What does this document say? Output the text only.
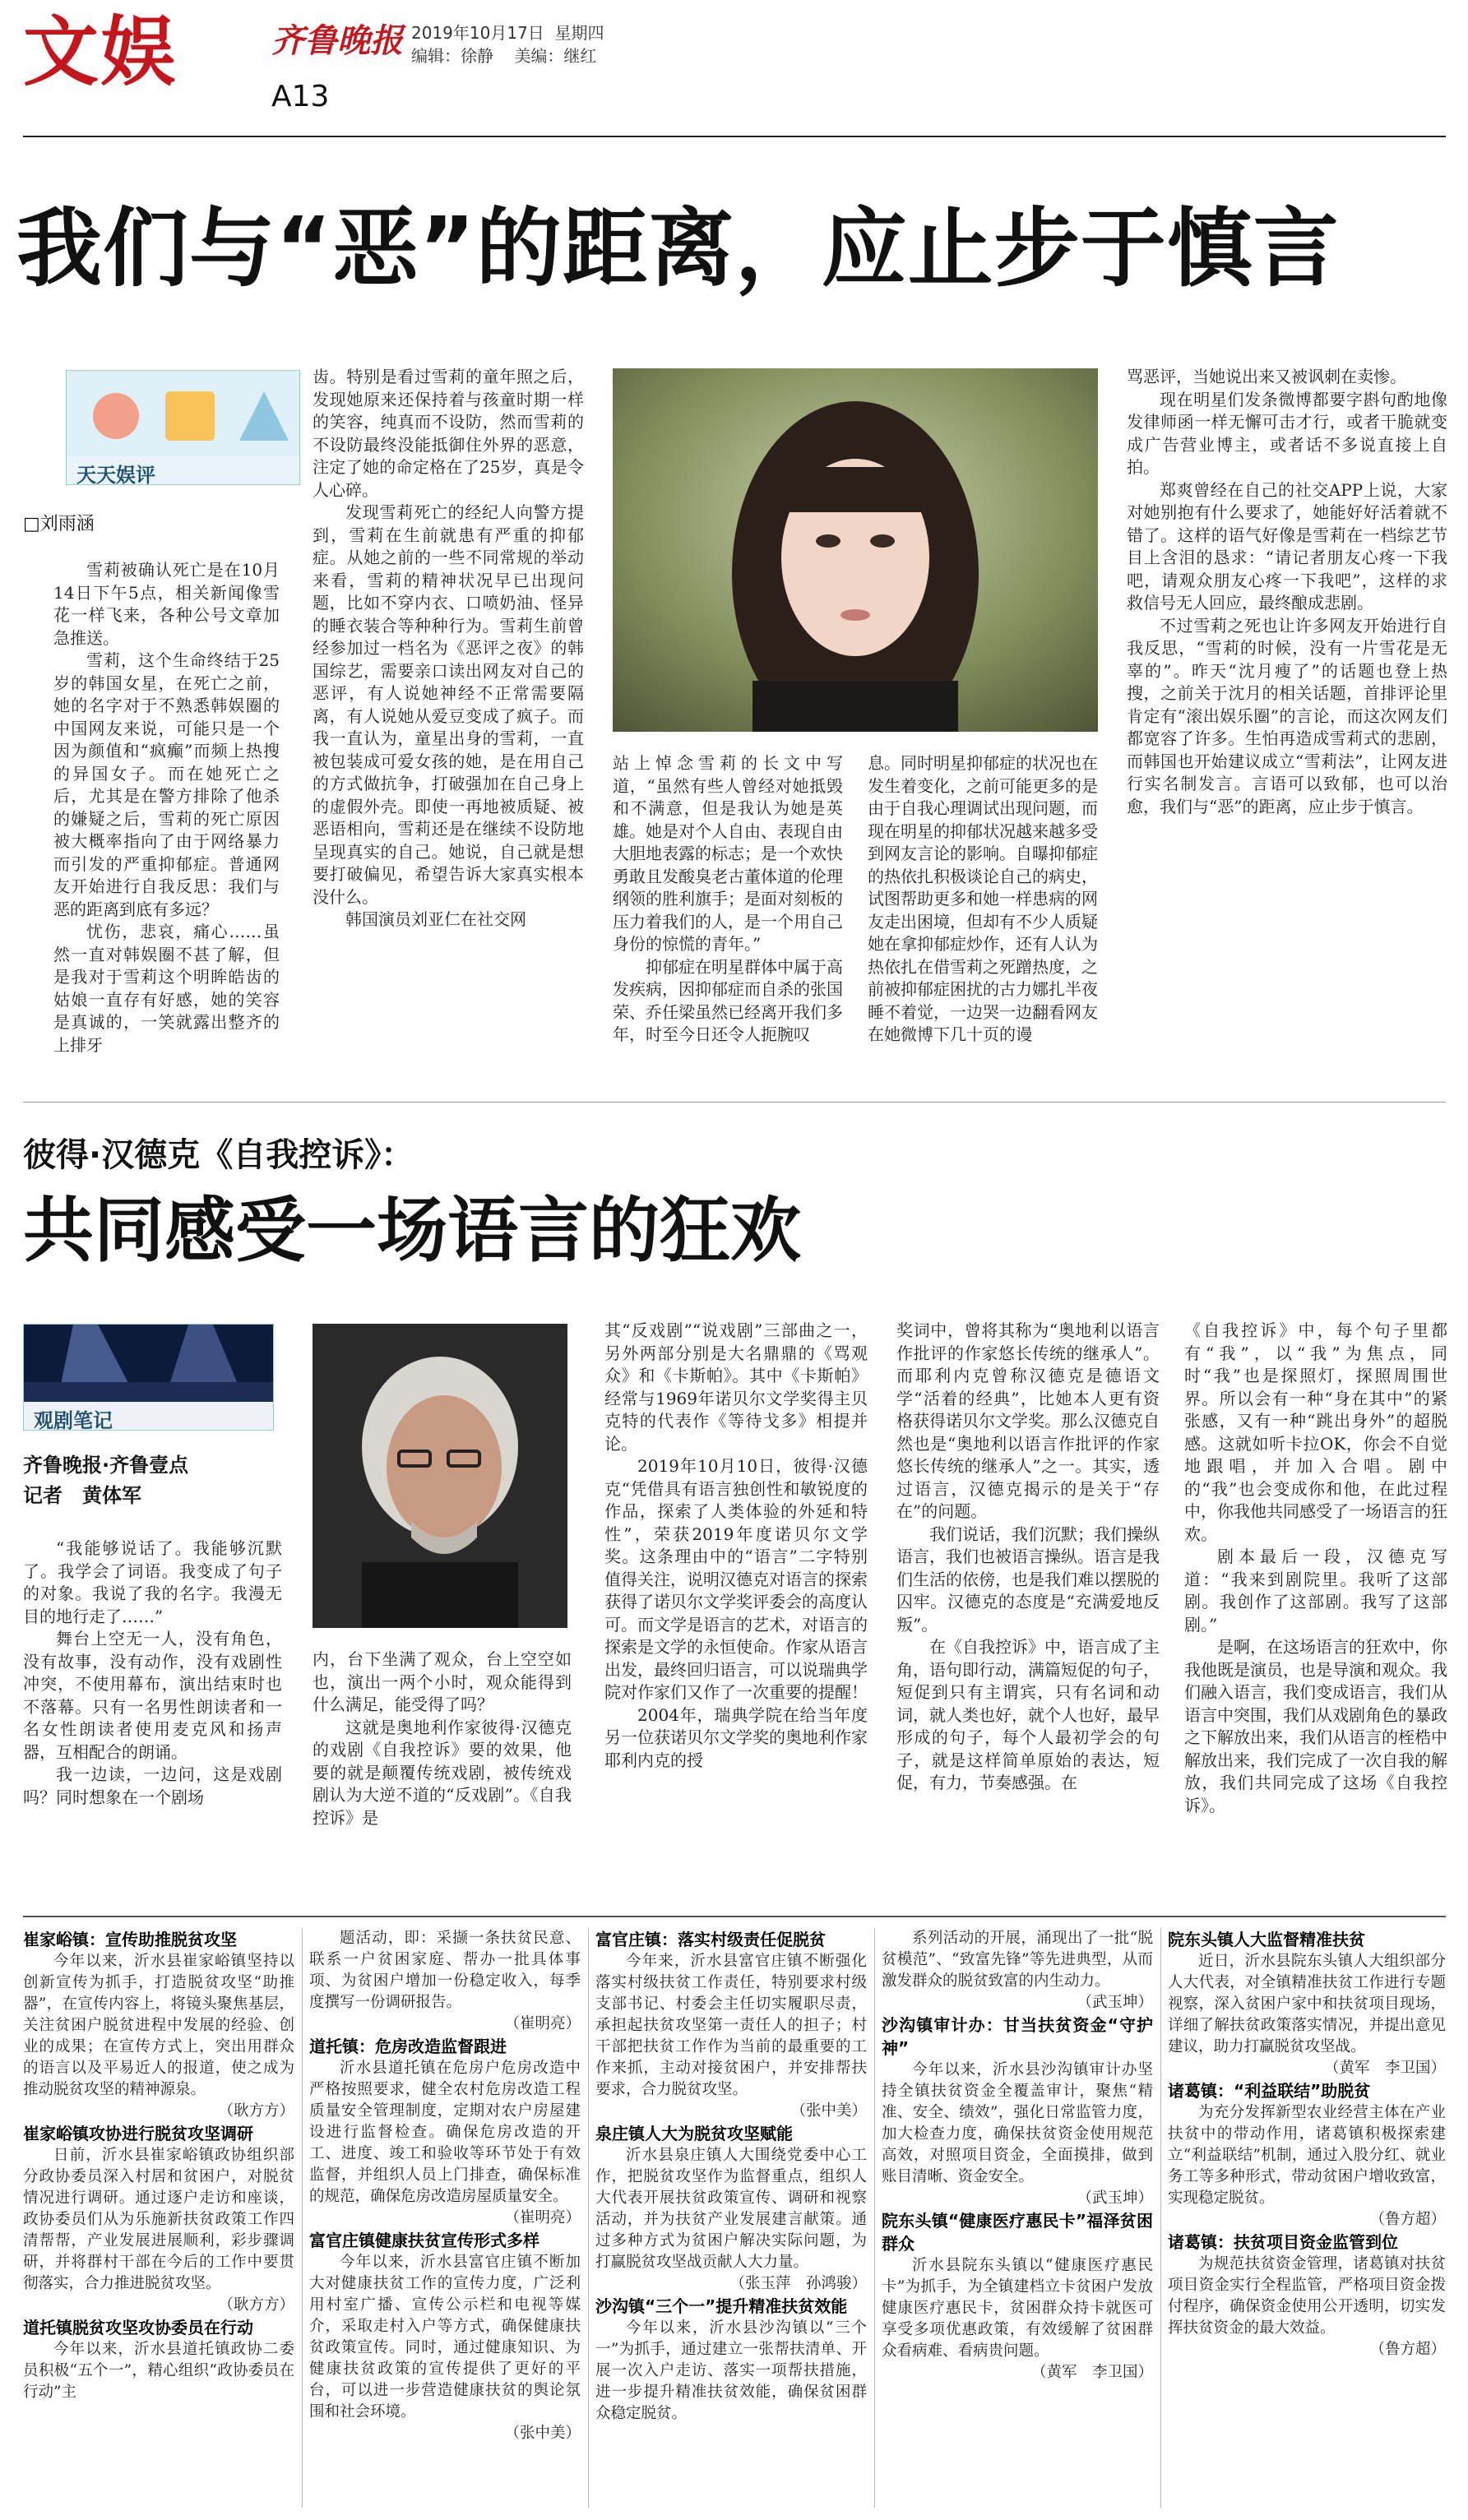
文娱	齐鲁晚报
A13
2019年10月17日 星期四
编辑：徐静 美编：继红
我们与“恶”的距离，应止步于慎言
天天娱评
□刘雨涵

雪莉被确认死亡是在10月14日下午5点，相关新闻像雪花一样飞来，各种公号文章加急推送。

雪莉，这个生命终结于25岁的韩国女星，在死亡之前，她的名字对于不熟悉韩娱圈的中国网友来说，可能只是一个因为颜值和“疯癫”而频上热搜的异国女子。而在她死亡之后，尤其是在警方排除了他杀的嫌疑之后，雪莉的死亡原因被大概率指向了由于网络暴力而引发的严重抑郁症。普通网友开始进行自我反思：我们与恶的距离到底有多远？

忧伤，悲哀，痛心……虽然一直对韩娱圈不甚了解，但是我对于雪莉这个明眸皓齿的姑娘一直存有好感，她的笑容是真诚的，一笑就露出整齐的上排牙

齿。特别是看过雪莉的童年照之后，发现她原来还保持着与孩童时期一样的笑容，纯真而不设防，然而雪莉的不设防最终没能抵御住外界的恶意，注定了她的命定格在了25岁，真是令人心碎。

发现雪莉死亡的经纪人向警方提到，雪莉在生前就患有严重的抑郁症。从她之前的一些不同常规的举动来看，雪莉的精神状况早已出现问题，比如不穿内衣、口喷奶油、怪异的睡衣装合等种种行为。雪莉生前曾经参加过一档名为《恶评之夜》的韩国综艺，需要亲口读出网友对自己的恶评，有人说她神经不正常需要隔离，有人说她从爱豆变成了疯子。而我一直认为，童星出身的雪莉，一直被包装成可爱女孩的她，是在用自己的方式做抗争，打破强加在自己身上的虚假外壳。即使一再地被质疑、被恶语相向，雪莉还是在继续不设防地呈现真实的自己。她说，自己就是想要打破偏见，希望告诉大家真实根本没什么。

韩国演员刘亚仁在社交网

站上悼念雪莉的长文中写道，“虽然有些人曾经对她抵毁和不满意，但是我认为她是英雄。她是对个人自由、表现自由大胆地表露的标志；是一个欢快勇敢且发酸臭老古董体道的伦理纲领的胜利旗手；是面对刻板的压力着我们的人，是一个用自己身份的惊慌的青年。”

抑郁症在明星群体中属于高发疾病，因抑郁症而自杀的张国荣、乔任梁虽然已经离开我们多年，时至今日还令人扼腕叹

息。同时明星抑郁症的状况也在发生着变化，之前可能更多的是由于自我心理调试出现问题，而现在明星的抑郁状况越来越多受到网友言论的影响。自曝抑郁症的热依扎积极谈论自己的病史，试图帮助更多和她一样患病的网友走出困境，但却有不少人质疑她在拿抑郁症炒作，还有人认为热依扎在借雪莉之死蹭热度，之前被抑郁症困扰的古力娜扎半夜睡不着觉，一边哭一边翻看网友在她微博下几十页的谩

骂恶评，当她说出来又被讽刺在卖惨。

现在明星们发条微博都要字斟句酌地像发律师函一样无懈可击才行，或者干脆就变成广告营业博主，或者话不多说直接上自拍。

郑爽曾经在自己的社交APP上说，大家对她别抱有什么要求了，她能好好活着就不错了。这样的语气好像是雪莉在一档综艺节目上含泪的恳求：“请记者朋友心疼一下我吧，请观众朋友心疼一下我吧”，这样的求救信号无人回应，最终酿成悲剧。

不过雪莉之死也让许多网友开始进行自我反思，“雪莉的时候，没有一片雪花是无辜的”。昨天“沈月瘦了”的话题也登上热搜，之前关于沈月的相关话题，首排评论里肯定有“滚出娱乐圈”的言论，而这次网友们都宽容了许多。生怕再造成雪莉式的悲剧，而韩国也开始建议成立“雪莉法”，让网友进行实名制发言。言语可以致郁，也可以治愈，我们与“恶”的距离，应止步于慎言。

彼得·汉德克《自我控诉》：
共同感受一场语言的狂欢
观剧笔记
齐鲁晚报·齐鲁壹点
记者　黄体军

“我能够说话了。我能够沉默了。我学会了词语。我变成了句子的对象。我说了我的名字。我漫无目的地行走了……”

舞台上空无一人，没有角色，没有故事，没有动作，没有戏剧性冲突，不使用幕布，演出结束时也不落幕。只有一名男性朗读者和一名女性朗读者使用麦克风和扬声器，互相配合的朗诵。

我一边读，一边问，这是戏剧吗？同时想象在一个剧场

内，台下坐满了观众，台上空空如也，演出一两个小时，观众能得到什么满足，能受得了吗？

这就是奥地利作家彼得·汉德克的戏剧《自我控诉》要的效果，他要的就是颠覆传统戏剧，被传统戏剧认为大逆不道的“反戏剧”。《自我控诉》是

其“反戏剧”“说戏剧”三部曲之一，另外两部分别是大名鼎鼎的《骂观众》和《卡斯帕》。其中《卡斯帕》经常与1969年诺贝尔文学奖得主贝克特的代表作《等待戈多》相提并论。

2019年10月10日，彼得·汉德克“凭借具有语言独创性和敏锐度的作品，探索了人类体验的外延和特性”，荣获2019年度诺贝尔文学奖。这条理由中的“语言”二字特别值得关注，说明汉德克对语言的探索获得了诺贝尔文学奖评委会的高度认可。而文学是语言的艺术，对语言的探索是文学的永恒使命。作家从语言出发，最终回归语言，可以说瑞典学院对作家们又作了一次重要的提醒！

2004年，瑞典学院在给当年度另一位获诺贝尔文学奖的奥地利作家耶利内克的授

奖词中，曾将其称为“奥地利以语言作批评的作家悠长传统的继承人”。而耶利内克曾称汉德克是德语文学“活着的经典”，比她本人更有资格获得诺贝尔文学奖。那么汉德克自然也是“奥地利以语言作批评的作家悠长传统的继承人”之一。其实，透过语言，汉德克揭示的是关于“存在”的问题。

我们说话，我们沉默；我们操纵语言，我们也被语言操纵。语言是我们生活的依傍，也是我们难以摆脱的囚牢。汉德克的态度是“充满爱地反叛”。

在《自我控诉》中，语言成了主角，语句即行动，满篇短促的句子，短促到只有主谓宾，只有名词和动词，就人类也好，就个人也好，最早形成的句子，每个人最初学会的句子，就是这样简单原始的表达，短促，有力，节奏感强。在

《自我控诉》中，每个句子里都有“我”，以“我”为焦点，同时“我”也是探照灯，探照周围世界。所以会有一种“身在其中”的紧张感，又有一种“跳出身外”的超脱感。这就如听卡拉OK，你会不自觉地跟唱，并加入合唱。剧中的“我”也会变成你和他，在此过程中，你我他共同感受了一场语言的狂欢。

剧本最后一段，汉德克写道：“我来到剧院里。我听了这部剧。我创作了这部剧。我写了这部剧。”

是啊，在这场语言的狂欢中，你我他既是演员，也是导演和观众。我们融入语言，我们变成语言，我们从语言中突围，我们从戏剧角色的暴政之下解放出来，我们从语言的桎梏中解放出来，我们完成了一次自我的解放，我们共同完成了这场《自我控诉》。

崔家峪镇：宣传助推脱贫攻坚

今年以来，沂水县崔家峪镇坚持以创新宣传为抓手，打造脱贫攻坚“助推器”，在宣传内容上，将镜头聚焦基层，关注贫困户脱贫进程中发展的经验、创业的成果；在宣传方式上，突出用群众的语言以及平易近人的报道，使之成为推动脱贫攻坚的精神源泉。

（耿方方）

崔家峪镇攻协进行脱贫攻坚调研

日前，沂水县崔家峪镇政协组织部分政协委员深入村居和贫困户，对脱贫情况进行调研。通过逐户走访和座谈，政协委员们从为乐施新扶贫政策工作四清帮帮，产业发展进展顺利，彩步骤调研，并将群村干部在今后的工作中要贯彻落实，合力推进脱贫攻坚。

（耿方方）

道托镇脱贫攻坚攻协委员在行动

今年以来，沂水县道托镇政协二委员积极“五个一”，精心组织“政协委员在行动”主

题活动，即：采撷一条扶贫民意、联系一户贫困家庭、帮办一批具体事项、为贫困户增加一份稳定收入，每季度撰写一份调研报告。

（崔明亮）

道托镇：危房改造监督跟进

沂水县道托镇在危房户危房改造中严格按照要求，健全农村危房改造工程质量安全管理制度，定期对农户房屋建设进行监督检查。确保危房改造的开工、进度、竣工和验收等环节处于有效监督，并组织人员上门排查，确保标准的规范，确保危房改造房屋质量安全。

（崔明亮）

富官庄镇健康扶贫宣传形式多样

今年以来，沂水县富官庄镇不断加大对健康扶贫工作的宣传力度，广泛利用村室广播、宣传公示栏和电视等媒介，采取走村入户等方式，确保健康扶贫政策宣传。同时，通过健康知识、为健康扶贫政策的宣传提供了更好的平台，可以进一步营造健康扶贫的舆论氛围和社会环境。

（张中美）

富官庄镇：落实村级责任促脱贫

今年来，沂水县富官庄镇不断强化落实村级扶贫工作责任，特别要求村级支部书记、村委会主任切实履职尽责，承担起扶贫攻坚第一责任人的担子；村干部把扶贫工作作为当前的最重要的工作来抓，主动对接贫困户，并安排帮扶要求，合力脱贫攻坚。

（张中美）

泉庄镇人大为脱贫攻坚赋能

沂水县泉庄镇人大围绕党委中心工作，把脱贫攻坚作为监督重点，组织人大代表开展扶贫政策宣传、调研和视察活动，并为扶贫产业发展建言献策。通过多种方式为贫困户解决实际问题，为打赢脱贫攻坚战贡献人大力量。

（张玉萍　孙鸿骏）

沙沟镇“三个一”提升精准扶贫效能

今年以来，沂水县沙沟镇以“三个一”为抓手，通过建立一张帮扶清单、开展一次入户走访、落实一项帮扶措施，进一步提升精准扶贫效能，确保贫困群众稳定脱贫。

系列活动的开展，涌现出了一批“脱贫模范”、“致富先锋”等先进典型，从而激发群众的脱贫致富的内生动力。

（武玉坤）

沙沟镇审计办：甘当扶贫资金“守护神”

今年以来，沂水县沙沟镇审计办坚持全镇扶贫资金全覆盖审计，聚焦“精准、安全、绩效”，强化日常监管力度，加大检查力度，确保扶贫资金使用规范高效，对照项目资金，全面摸排，做到账目清晰、资金安全。

（武玉坤）

院东头镇“健康医疗惠民卡”福泽贫困群众

沂水县院东头镇以“健康医疗惠民卡”为抓手，为全镇建档立卡贫困户发放健康医疗惠民卡，贫困群众持卡就医可享受多项优惠政策，有效缓解了贫困群众看病难、看病贵问题。

（黄军　李卫国）

院东头镇人大监督精准扶贫

近日，沂水县院东头镇人大组织部分人大代表，对全镇精准扶贫工作进行专题视察，深入贫困户家中和扶贫项目现场，详细了解扶贫政策落实情况，并提出意见建议，助力打赢脱贫攻坚战。

（黄军　李卫国）

诸葛镇：“利益联结”助脱贫

为充分发挥新型农业经营主体在产业扶贫中的带动作用，诸葛镇积极探索建立“利益联结”机制，通过入股分红、就业务工等多种形式，带动贫困户增收致富，实现稳定脱贫。

（鲁方超）

诸葛镇：扶贫项目资金监管到位

为规范扶贫资金管理，诸葛镇对扶贫项目资金实行全程监管，严格项目资金拨付程序，确保资金使用公开透明，切实发挥扶贫资金的最大效益。

（鲁方超）
